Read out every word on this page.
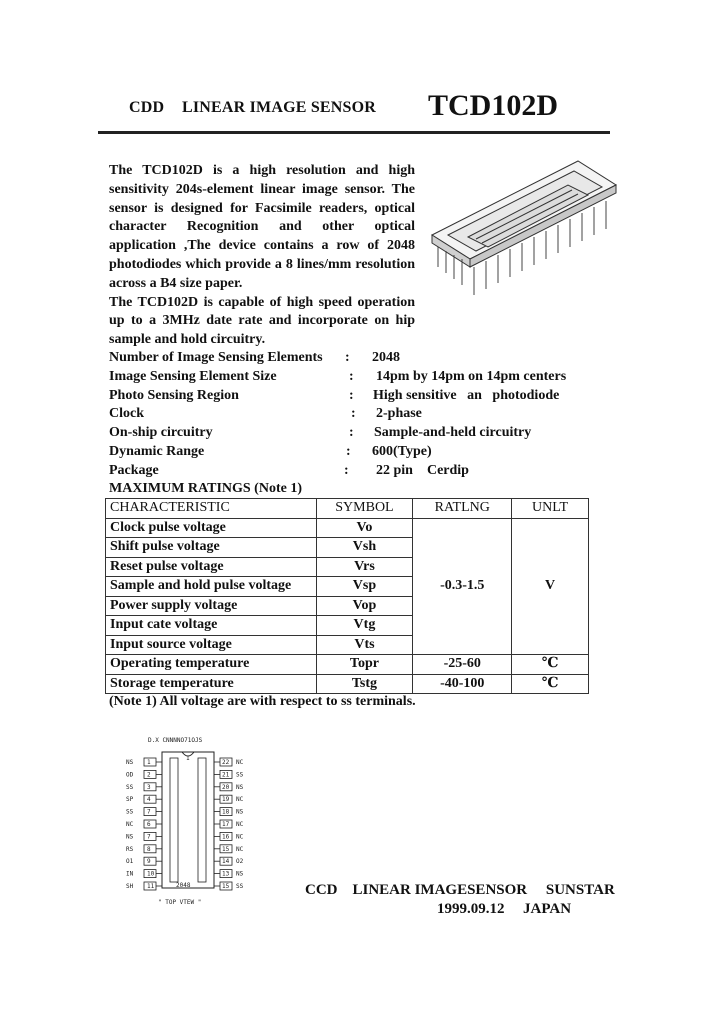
CDD LINEAR IMAGE SENSOR TCD102D

The TCD102D is a high resolution and high sensitivity 204s-element linear image sensor. The sensor is designed for Facsimile readers, optical character Recognition and other optical application ,The device contains a row of 2048 photodiodes which provide a 8 lines/mm resolution across a B4 size paper.

The TCD102D is capable of high speed operation up to a 3MHz date rate and incorporate on hip sample and hold circuitry.

Number of Image Sensing Elements : 2048
Image Sensing Element Size	: 14pm by 14pm on 14pm centers
Photo Sensing Region	: High sensitive   an   photodiode
Clock	: 2-phase
On-ship circuitry	: Sample-and-held circuitry
Dynamic Range	: 600(Type)
Package	: 22 pin    Cerdip
MAXIMUM RATINGS (Note 1)
CHARACTERISTIC	SYMBOL	RATLNG	UNLT
Clock pulse voltage	Vo	-0.3-1.5	V
Shift pulse voltage	Vsh		
Reset pulse voltage	Vrs		
Sample and hold pulse voltage	Vsp		
Power supply voltage	Vop		
Input cate voltage	Vtg		
Input source voltage	Vts		
Operating temperature	Topr	-25-60	℃
Storage temperature	Tstg	-40-100	℃
(Note 1) All voltage are with respect to ss terminals.
D.X CNNNNO71OJS
1
2048
" TOP VTEW "
1
NS
2
OD
3
SS
4
SP
7
SS
6
NC
7
NS
8
RS
9
O1
10
IN
11
SH
22 NC
21 SS
20 NS
19 NC
18 NS
17 NC
16 NC
15 NC
14 O2
13 NS
15 SS	CCD    LINEAR IMAGESENSOR     SUNSTAR
1999.09.12 JAPAN
